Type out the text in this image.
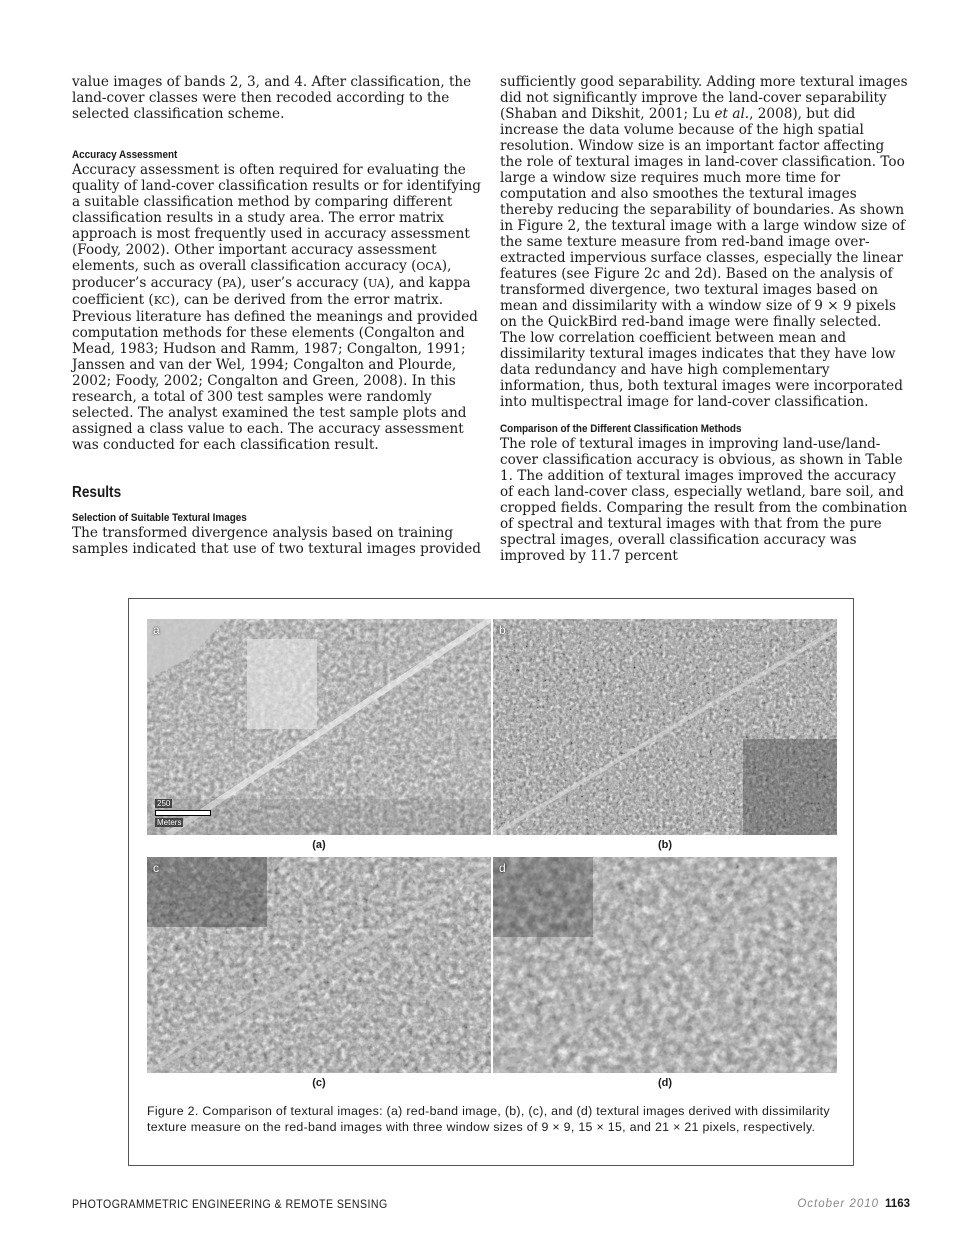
value images of bands 2, 3, and 4. After classification, the land-cover classes were then recoded according to the selected classification scheme.

Accuracy Assessment

Accuracy assessment is often required for evaluating the quality of land-cover classification results or for identifying a suitable classification method by comparing different classification results in a study area. The error matrix approach is most frequently used in accuracy assessment (Foody, 2002). Other important accuracy assessment elements, such as overall classification accuracy (OCA), producer’s accuracy (PA), user’s accuracy (UA), and kappa coefficient (KC), can be derived from the error matrix. Previous literature has defined the meanings and provided computation methods for these elements (Congalton and Mead, 1983; Hudson and Ramm, 1987; Congalton, 1991; Janssen and van der Wel, 1994; Congalton and Plourde, 2002; Foody, 2002; Congalton and Green, 2008). In this research, a total of 300 test samples were randomly selected. The analyst examined the test sample plots and assigned a class value to each. The accuracy assessment was conducted for each classification result.

Results

Selection of Suitable Textural Images

The transformed divergence analysis based on training samples indicated that use of two textural images provided

sufficiently good separability. Adding more textural images did not significantly improve the land-cover separability (Shaban and Dikshit, 2001; Lu et al., 2008), but did increase the data volume because of the high spatial resolution. Window size is an important factor affecting the role of textural images in land-cover classification. Too large a window size requires much more time for computation and also smoothes the textural images thereby reducing the separability of boundaries. As shown in Figure 2, the textural image with a large window size of the same texture measure from red-band image over-extracted impervious surface classes, especially the linear features (see Figure 2c and 2d). Based on the analysis of transformed divergence, two textural images based on mean and dissimilarity with a window size of 9 × 9 pixels on the QuickBird red-band image were finally selected. The low correlation coefficient between mean and dissimilarity textural images indicates that they have low data redundancy and have high complementary information, thus, both textural images were incorporated into multispectral image for land-cover classification.

Comparison of the Different Classification Methods

The role of textural images in improving land-use/land-cover classification accuracy is obvious, as shown in Table 1. The addition of textural images improved the accuracy of each land-cover class, especially wetland, bare soil, and cropped fields. Comparing the result from the combination of spectral and textural images with that from the pure spectral images, overall classification accuracy was improved by 11.7 percent

a
250
Meters
(a)
b
(b)
c
(c)
d
(d)

Figure 2. Comparison of textural images: (a) red-band image, (b), (c), and (d) textural images derived with dissimilarity texture measure on the red-band images with three window sizes of 9 × 9, 15 × 15, and 21 × 21 pixels, respectively.

PHOTOGRAMMETRIC ENGINEERING & REMOTE SENSING	October 2010 1163
